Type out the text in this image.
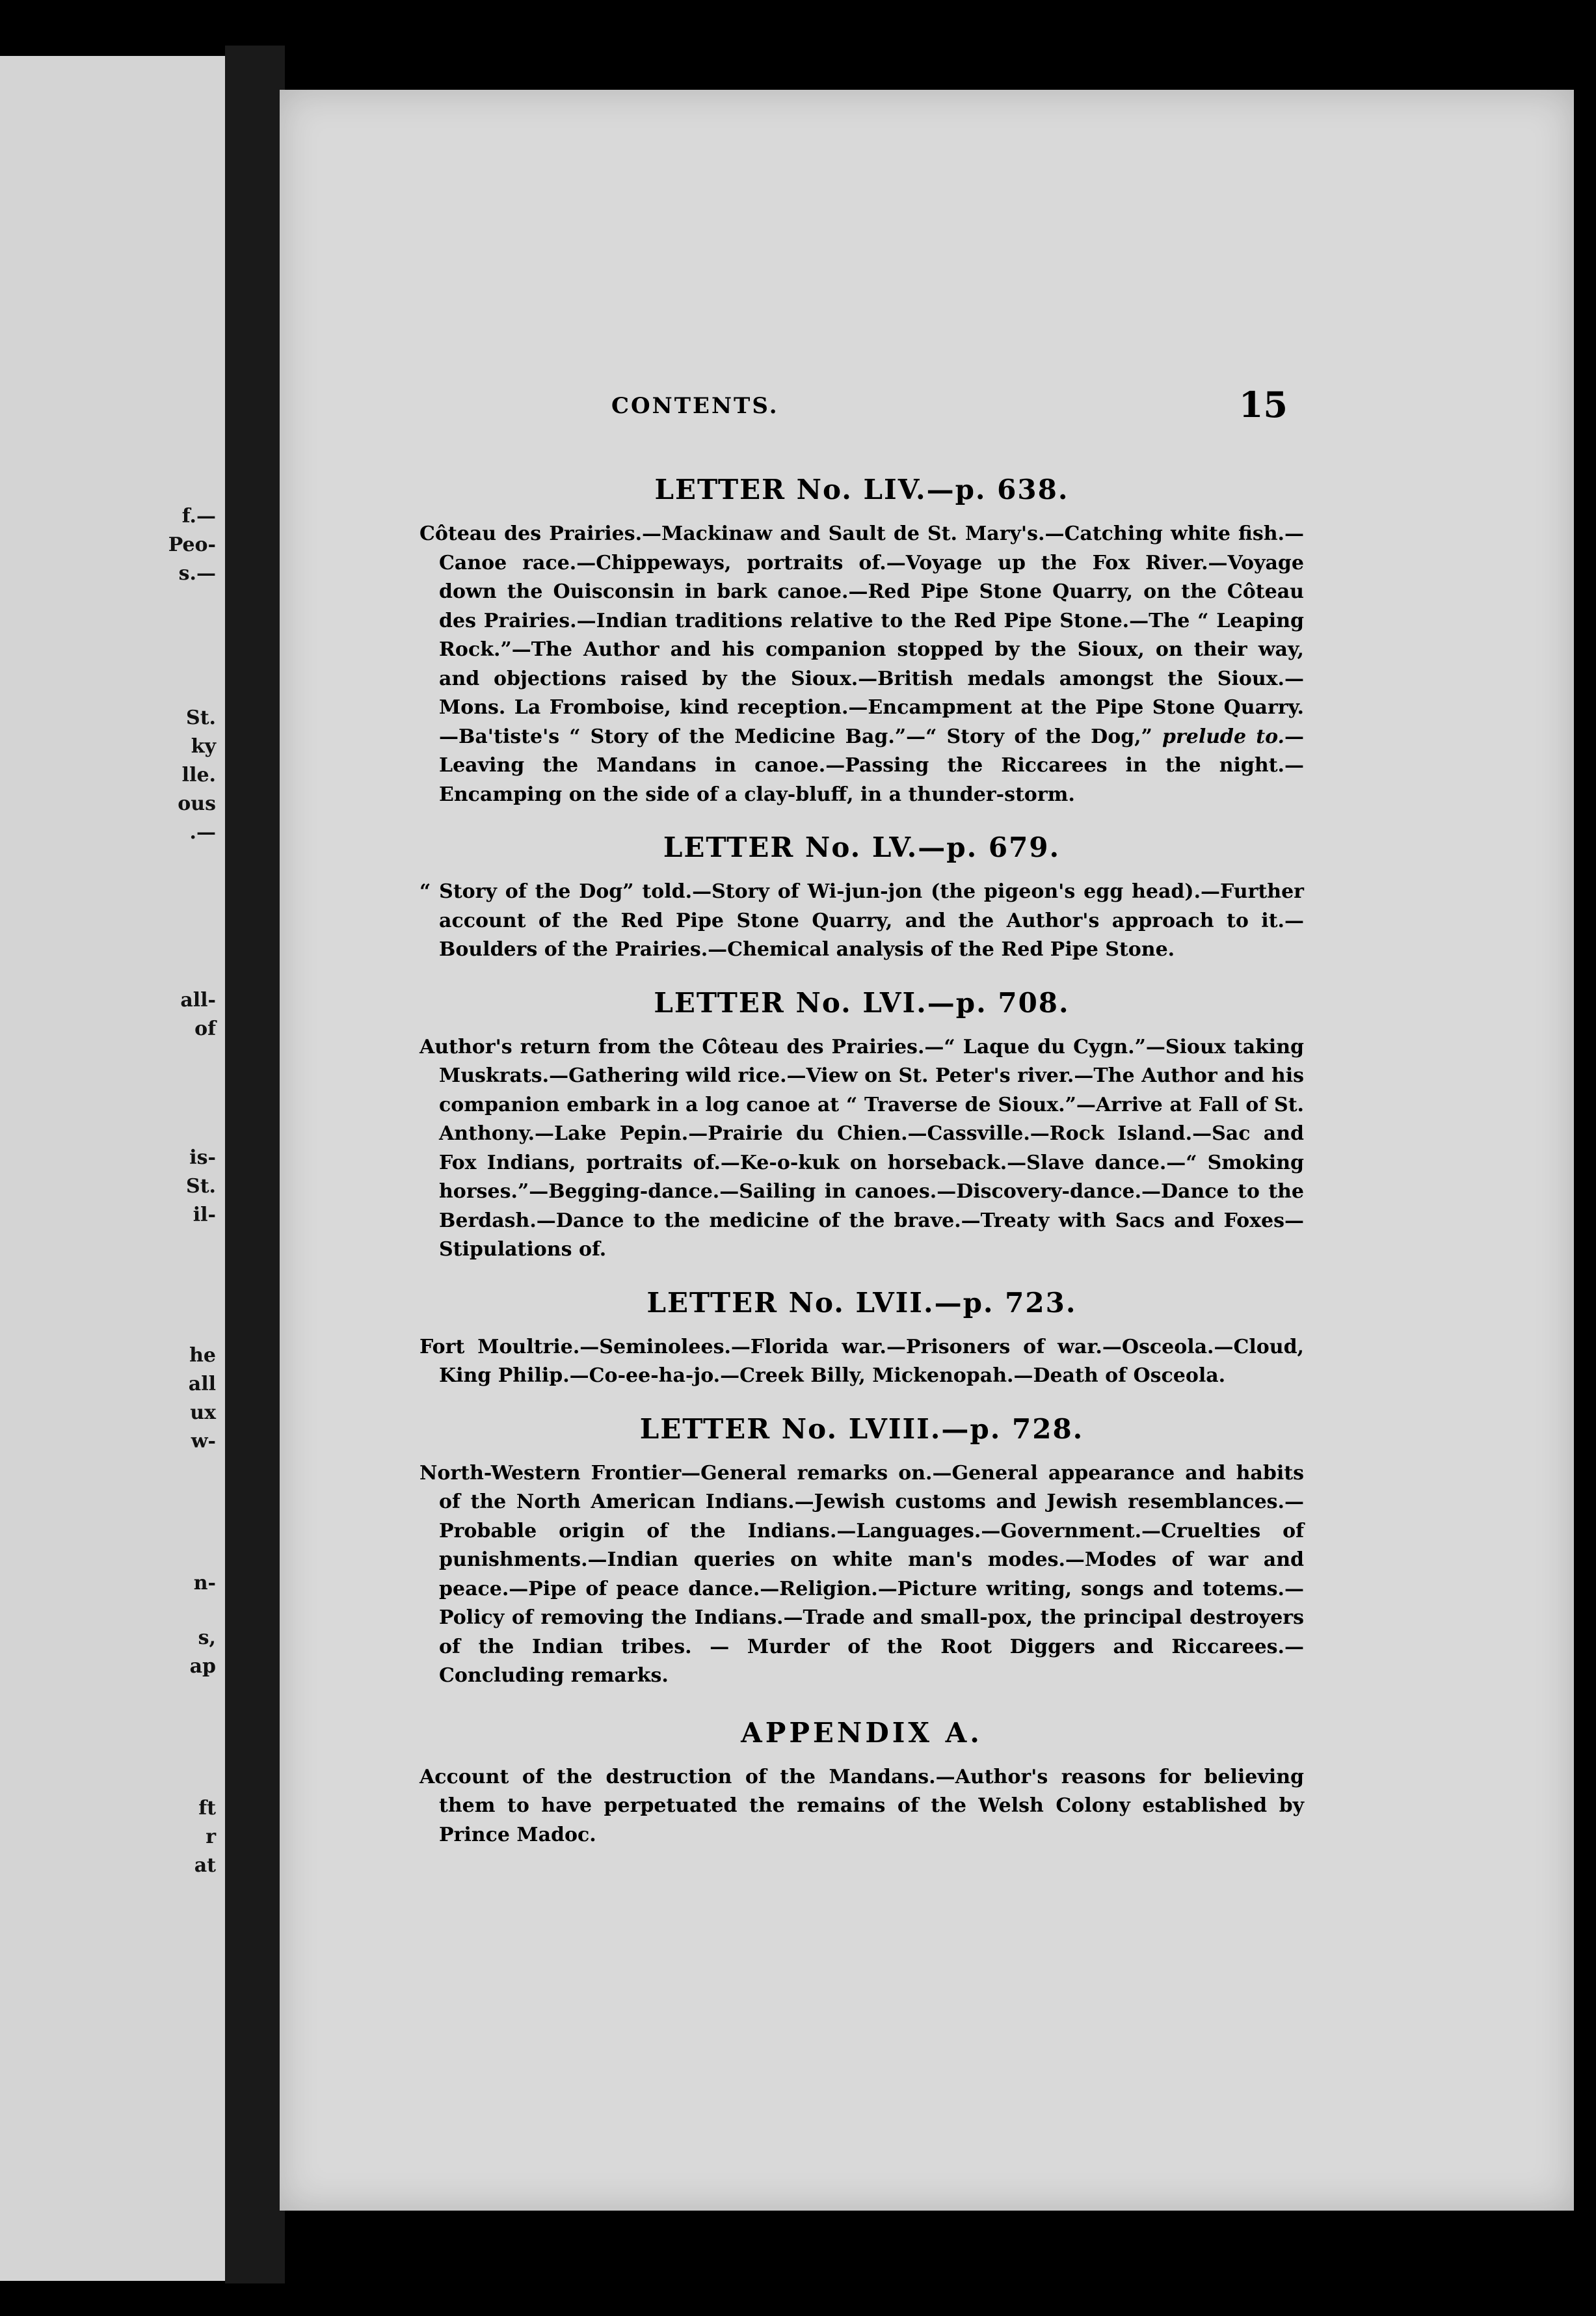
f.—
Peo-
s.—
St.
ky
lle.
ous
.—
all-
of
is-
St.
il-
he
all
ux
w-
n-
s,
ap
ft
r
at
CONTENTS.	15
LETTER No. LIV.—p. 638.

Côteau des Prairies.—Mackinaw and Sault de St. Mary's.—Catching white fish.—Canoe race.—Chippeways, portraits of.—Voyage up the Fox River.—Voyage down the Ouisconsin in bark canoe.—Red Pipe Stone Quarry, on the Côteau des Prairies.—Indian traditions relative to the Red Pipe Stone.—The “ Leaping Rock.”—The Author and his companion stopped by the Sioux, on their way, and objections raised by the Sioux.—British medals amongst the Sioux.—Mons. La Fromboise, kind reception.—Encampment at the Pipe Stone Quarry.—Ba'tiste's “ Story of the Medicine Bag.”—“ Story of the Dog,” prelude to.—Leaving the Mandans in canoe.—Passing the Riccarees in the night.—Encamping on the side of a clay-bluff, in a thunder-storm.

LETTER No. LV.—p. 679.

“ Story of the Dog” told.—Story of Wi-jun-jon (the pigeon's egg head).—Further account of the Red Pipe Stone Quarry, and the Author's approach to it.—Boulders of the Prairies.—Chemical analysis of the Red Pipe Stone.

LETTER No. LVI.—p. 708.

Author's return from the Côteau des Prairies.—“ Laque du Cygn.”—Sioux taking Muskrats.—Gathering wild rice.—View on St. Peter's river.—The Author and his companion embark in a log canoe at “ Traverse de Sioux.”—Arrive at Fall of St. Anthony.—Lake Pepin.—Prairie du Chien.—Cassville.—Rock Island.—Sac and Fox Indians, portraits of.—Ke-o-kuk on horseback.—Slave dance.—“ Smoking horses.”—Begging-dance.—Sailing in canoes.—Discovery-dance.—Dance to the Berdash.—Dance to the medicine of the brave.—Treaty with Sacs and Foxes—Stipulations of.

LETTER No. LVII.—p. 723.

Fort Moultrie.—Seminolees.—Florida war.—Prisoners of war.—Osceola.—Cloud, King Philip.—Co-ee-ha-jo.—Creek Billy, Mickenopah.—Death of Osceola.

LETTER No. LVIII.—p. 728.

North-Western Frontier—General remarks on.—General appearance and habits of the North American Indians.—Jewish customs and Jewish resemblances.—Probable origin of the Indians.—Languages.—Government.—Cruelties of punishments.—Indian queries on white man's modes.—Modes of war and peace.—Pipe of peace dance.—Religion.—Picture writing, songs and totems.—Policy of removing the Indians.—Trade and small-pox, the principal destroyers of the Indian tribes. — Murder of the Root Diggers and Riccarees.— Concluding remarks.

APPENDIX A.

Account of the destruction of the Mandans.—Author's reasons for believing them to have perpetuated the remains of the Welsh Colony established by Prince Madoc.
